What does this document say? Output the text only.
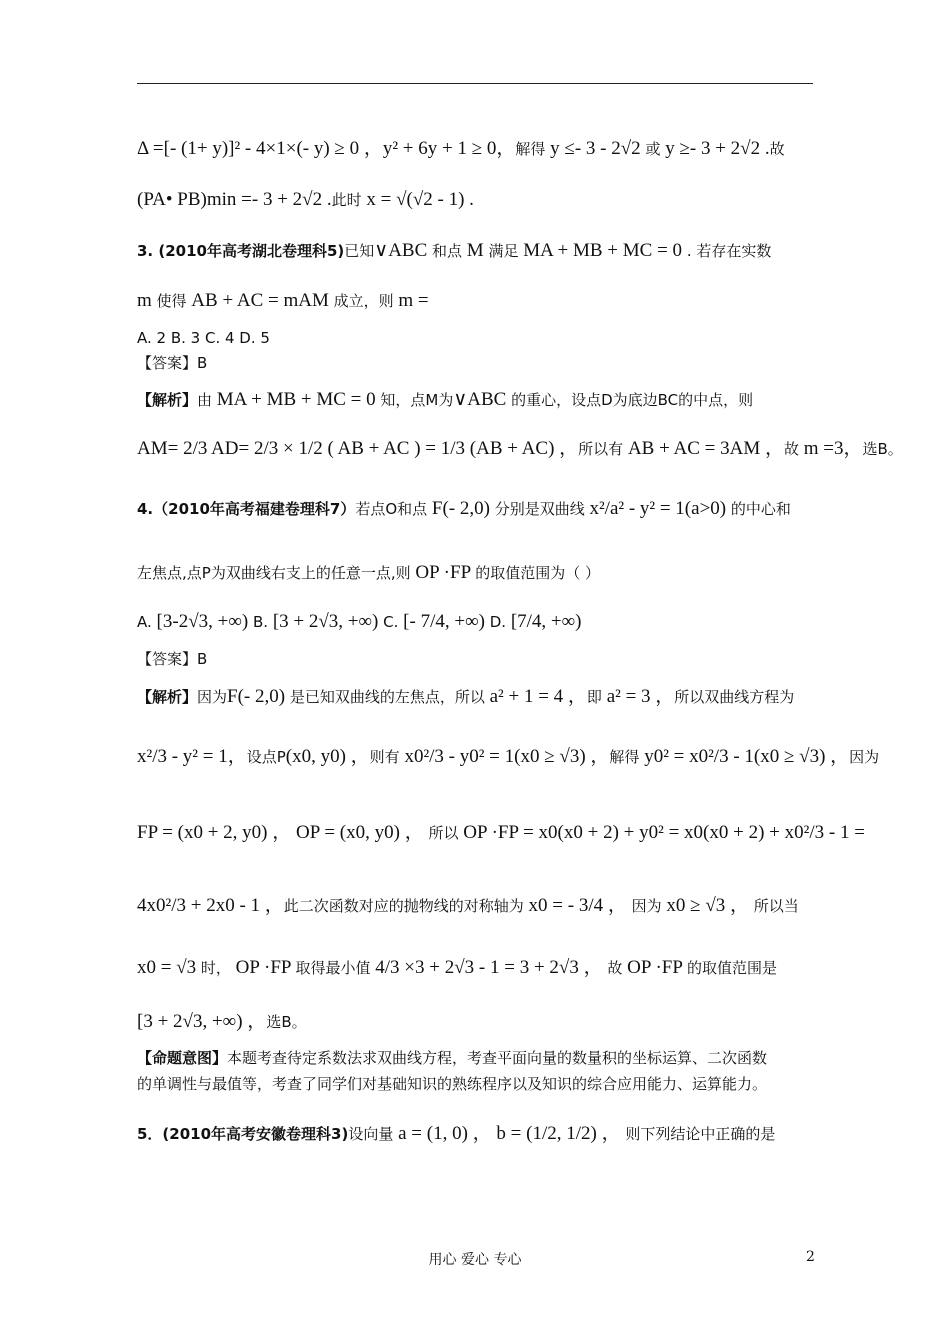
Δ =[- (1+ y)]² - 4×1×(- y) ≥ 0 ，y² + 6y + 1 ≥ 0，解得 y ≤- 3 - 2√2 或 y ≥- 3 + 2√2 .故
(PA• PB)min =- 3 + 2√2 .此时 x = √(√2 - 1) .
3. (2010年高考湖北卷理科5)已知∨ABC 和点 M 满足 MA + MB + MC = 0 . 若存在实数
m 使得 AB + AC = mAM 成立，则 m =
A. 2 B. 3 C. 4 D. 5
【答案】B
【解析】由 MA + MB + MC = 0 知，点M为∨ABC 的重心，设点D为底边BC的中点，则
AM= 2/3 AD= 2/3 × 1/2 ( AB + AC ) = 1/3 (AB + AC) ，所以有 AB + AC = 3AM ，故 m =3，选B。
4.（2010年高考福建卷理科7）若点O和点 F(- 2,0) 分别是双曲线 x²/a² - y² = 1(a>0) 的中心和
左焦点,点P为双曲线右支上的任意一点,则 OP ·FP 的取值范围为（ ）
A. [3-2√3, +∞) B. [3 + 2√3, +∞) C. [- 7/4, +∞) D. [7/4, +∞)
【答案】B
【解析】因为F(- 2,0) 是已知双曲线的左焦点，所以 a² + 1 = 4 ，即 a² = 3 ，所以双曲线方程为
x²/3 - y² = 1，设点P(x0, y0) ，则有 x0²/3 - y0² = 1(x0 ≥ √3) ，解得 y0² = x0²/3 - 1(x0 ≥ √3) ，因为
FP = (x0 + 2, y0) ， OP = (x0, y0) ， 所以 OP ·FP = x0(x0 + 2) + y0² = x0(x0 + 2) + x0²/3 - 1 =
4x0²/3 + 2x0 - 1 ，此二次函数对应的抛物线的对称轴为 x0 = - 3/4 ， 因为 x0 ≥ √3 ， 所以当
x0 = √3 时， OP ·FP 取得最小值 4/3 ×3 + 2√3 - 1 = 3 + 2√3 ， 故 OP ·FP 的取值范围是
[3 + 2√3, +∞) ，选B。
【命题意图】本题考查待定系数法求双曲线方程，考查平面向量的数量积的坐标运算、二次函数
的单调性与最值等，考查了同学们对基础知识的熟练程序以及知识的综合应用能力、运算能力。
5．(2010年高考安徽卷理科3)设向量 a = (1, 0) ， b = (1/2, 1/2) ， 则下列结论中正确的是
用心 爱心 专心	2
